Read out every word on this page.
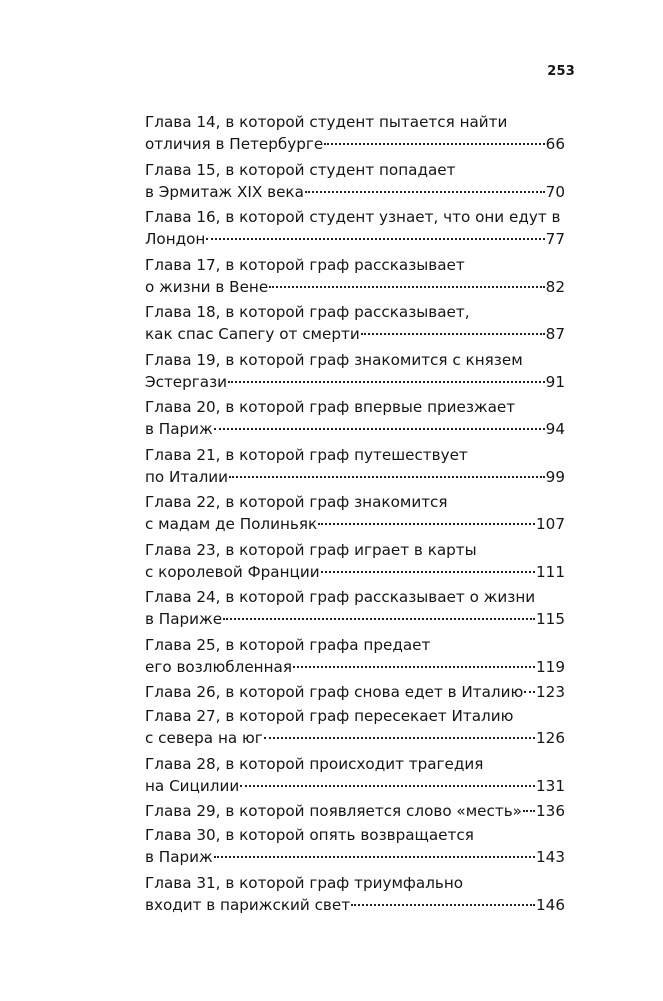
253
Глава 14, в которой студент пытается найти
отличия в Петербурге	66
Глава 15, в которой студент попадает
в Эрмитаж XIX века	70
Глава 16, в которой студент узнает, что они едут в
Лондон	77
Глава 17, в которой граф рассказывает
о жизни в Вене	82
Глава 18, в которой граф рассказывает,
как спас Сапегу от смерти	87
Глава 19, в которой граф знакомится с князем
Эстергази	91
Глава 20, в которой граф впервые приезжает
в Париж	94
Глава 21, в которой граф путешествует
по Италии	99
Глава 22, в которой граф знакомится
с мадам де Полиньяк	107
Глава 23, в которой граф играет в карты
с королевой Франции	111
Глава 24, в которой граф рассказывает о жизни
в Париже	115
Глава 25, в которой графа предает
его возлюбленная	119
Глава 26, в которой граф снова едет в Италию 123
Глава 27, в которой граф пересекает Италию
с севера на юг	126
Глава 28, в которой происходит трагедия
на Сицилии	131
Глава 29, в которой появляется слово «месть» 136
Глава 30, в которой опять возвращается
в Париж	143
Глава 31, в которой граф триумфально
входит в парижский свет	146
